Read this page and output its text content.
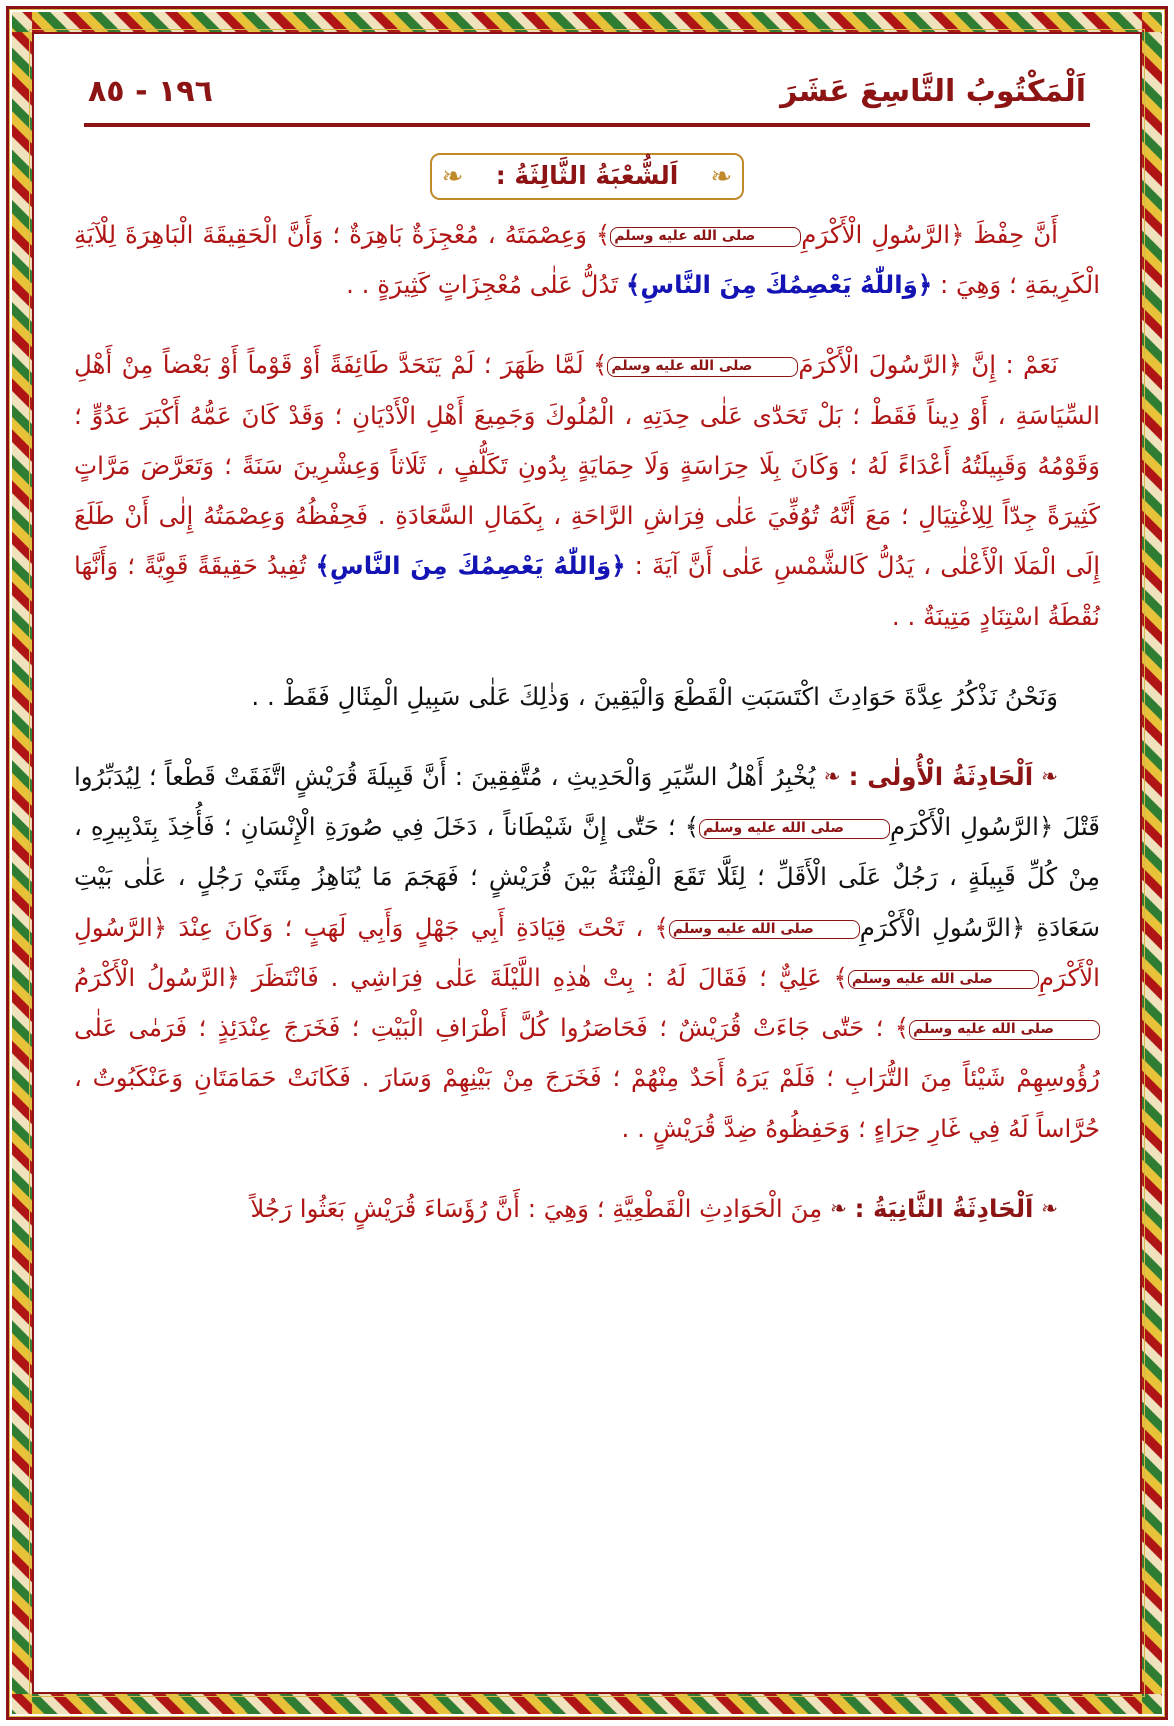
١٩٦ - ٨٥	اَلْمَكْتُوبُ التَّاسِعَ عَشَرَ
❧
اَلشُّعْبَةُ الثَّالِثَةُ :
❧

أَنَّ حِفْظَ ﴿الرَّسُولِ الْأَكْرَمِصلى الله عليه وسلم﴾ وَعِصْمَتَهُ ، مُعْجِزَةٌ بَاهِرَةٌ ؛ وَأَنَّ الْحَقِيقَةَ الْبَاهِرَةَ لِلْآيَةِ الْكَرِيمَةِ ؛ وَهِيَ : ﴿وَاللّٰهُ يَعْصِمُكَ مِنَ النَّاسِ﴾ تَدُلُّ عَلٰى مُعْجِزَاتٍ كَثِيرَةٍ . .

نَعَمْ : إِنَّ ﴿الرَّسُولَ الْأَكْرَمَصلى الله عليه وسلم﴾ لَمَّا ظَهَرَ ؛ لَمْ يَتَحَدَّ طَائِفَةً أَوْ قَوْماً أَوْ بَعْضاً مِنْ أَهْلِ السِّيَاسَةِ ، أَوْ دِيناً فَقَطْ ؛ بَلْ تَحَدّٰى عَلٰى حِدَتِهِ ، الْمُلُوكَ وَجَمِيعَ أَهْلِ الْأَدْيَانِ ؛ وَقَدْ كَانَ عَمُّهُ أَكْبَرَ عَدُوٍّ ؛ وَقَوْمُهُ وَقَبِيلَتُهُ أَعْدَاءً لَهُ ؛ وَكَانَ بِلَا حِرَاسَةٍ وَلَا حِمَايَةٍ بِدُونِ تَكَلُّفٍ ، ثَلَاثاً وَعِشْرِينَ سَنَةً ؛ وَتَعَرَّضَ مَرَّاتٍ كَثِيرَةً جِدّاً لِلِاغْتِيَالِ ؛ مَعَ أَنَّهُ تُوُفِّيَ عَلٰى فِرَاشِ الرَّاحَةِ ، بِكَمَالِ السَّعَادَةِ . فَحِفْظُهُ وَعِصْمَتُهُ إِلٰى أَنْ طَلَعَ إِلَى الْمَلَا الْأَعْلٰى ، يَدُلُّ كَالشَّمْسِ عَلٰى أَنَّ آيَةَ : ﴿وَاللّٰهُ يَعْصِمُكَ مِنَ النَّاسِ﴾ تُفِيدُ حَقِيقَةً قَوِيَّةً ؛ وَأَنَّهَا نُقْطَةُ اسْتِنَادٍ مَتِينَةٌ . .

وَنَحْنُ نَذْكُرُ عِدَّةَ حَوَادِثَ اكْتَسَبَتِ الْقَطْعَ وَالْيَقِينَ ، وَذٰلِكَ عَلٰى سَبِيلِ الْمِثَالِ فَقَطْ . .

❧ اَلْحَادِثَةُ الْأُولٰى : ❧ يُخْبِرُ أَهْلُ السِّيَرِ وَالْحَدِيثِ ، مُتَّفِقِينَ : أَنَّ قَبِيلَةَ قُرَيْشٍ اتَّفَقَتْ قَطْعاً ؛ لِيُدَبِّرُوا قَتْلَ ﴿الرَّسُولِ الْأَكْرَمِصلى الله عليه وسلم﴾ ؛ حَتّٰى إِنَّ شَيْطَاناً ، دَخَلَ فِي صُورَةِ الْإِنْسَانِ ؛ فَأُخِذَ بِتَدْبِيرِهِ ، مِنْ كُلِّ قَبِيلَةٍ ، رَجُلٌ عَلَى الْأَقَلِّ ؛ لِئَلَّا تَقَعَ الْفِتْنَةُ بَيْنَ قُرَيْشٍ ؛ فَهَجَمَ مَا يُنَاهِزُ مِئَتَيْ رَجُلٍ ، عَلٰى بَيْتِ سَعَادَةِ ﴿الرَّسُولِ الْأَكْرَمِصلى الله عليه وسلم﴾ ، تَحْتَ قِيَادَةِ أَبِي جَهْلٍ وَأَبِي لَهَبٍ ؛ وَكَانَ عِنْدَ ﴿الرَّسُولِ الْأَكْرَمِصلى الله عليه وسلم﴾ عَلِيٌّ ؛ فَقَالَ لَهُ : بِتْ هٰذِهِ اللَّيْلَةَ عَلٰى فِرَاشِي . فَانْتَظَرَ ﴿الرَّسُولُ الْأَكْرَمُصلى الله عليه وسلم﴾ ؛ حَتّٰى جَاءَتْ قُرَيْشٌ ؛ فَحَاصَرُوا كُلَّ أَطْرَافِ الْبَيْتِ ؛ فَخَرَجَ عِنْدَئِذٍ ؛ فَرَمٰى عَلٰى رُؤُوسِهِمْ شَيْئاً مِنَ التُّرَابِ ؛ فَلَمْ يَرَهُ أَحَدٌ مِنْهُمْ ؛ فَخَرَجَ مِنْ بَيْنِهِمْ وَسَارَ . فَكَانَتْ حَمَامَتَانِ وَعَنْكَبُوتٌ ، حُرَّاساً لَهُ فِي غَارِ حِرَاءٍ ؛ وَحَفِظُوهُ ضِدَّ قُرَيْشٍ . .

❧ اَلْحَادِثَةُ الثَّانِيَةُ : ❧ مِنَ الْحَوَادِثِ الْقَطْعِيَّةِ ؛ وَهِيَ : أَنَّ رُؤَسَاءَ قُرَيْشٍ بَعَثُوا رَجُلاً
